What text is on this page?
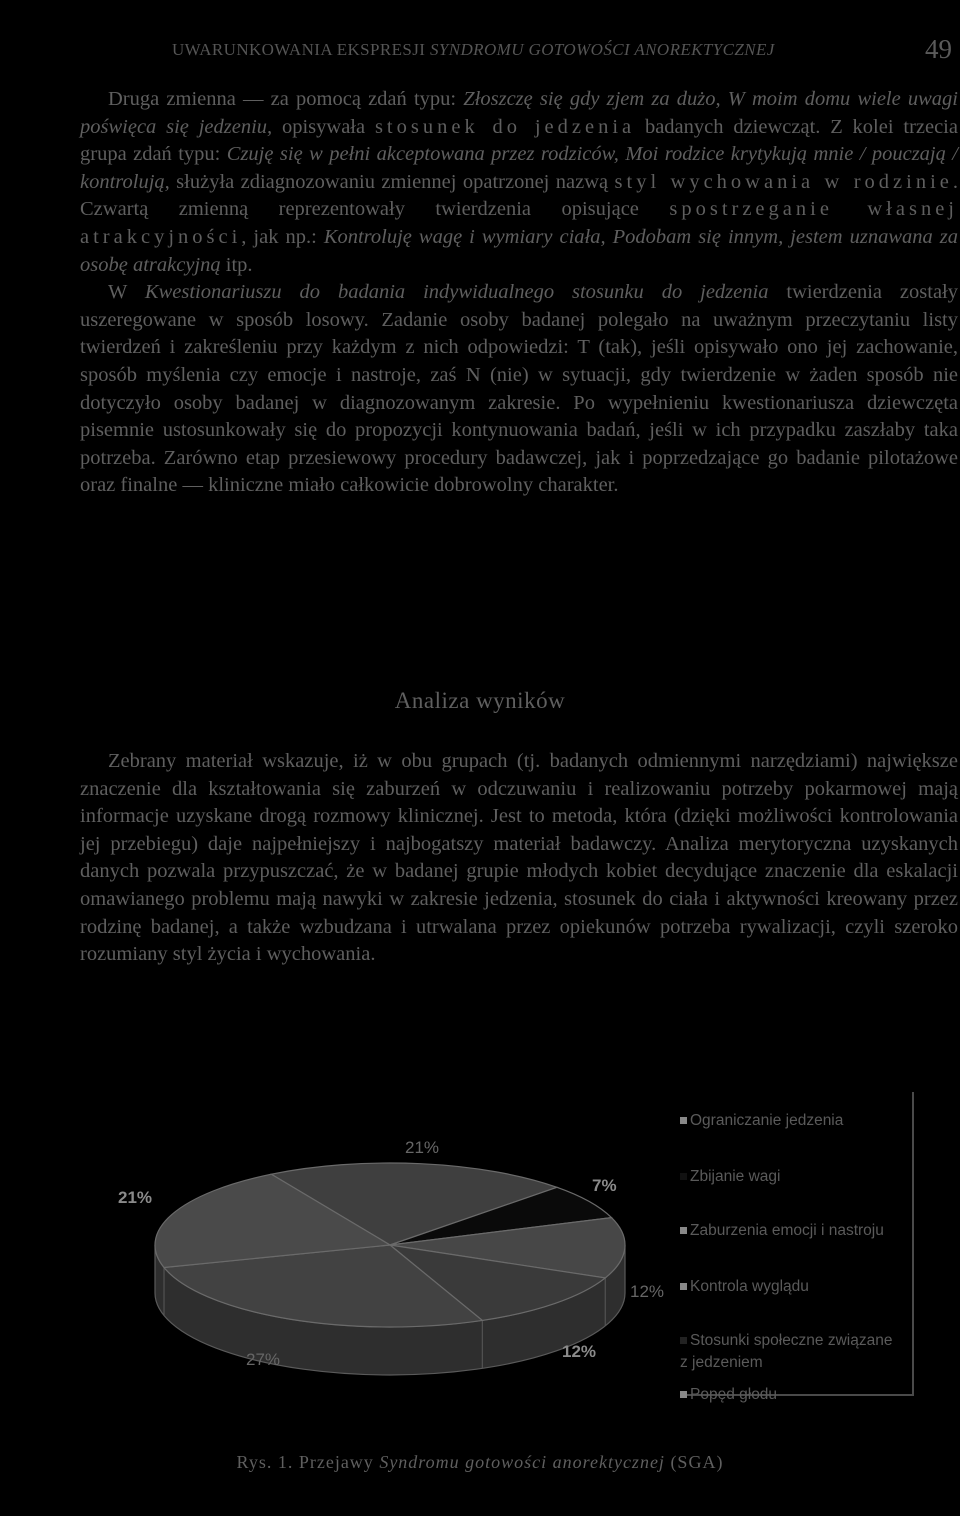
UWARUNKOWANIA EKSPRESJI SYNDROMU GOTOWOŚCI ANOREKTYCZNEJ	49

Druga zmienna — za pomocą zdań typu: Złoszczę się gdy zjem za dużo, W moim domu wiele uwagi poświęca się jedzeniu, opisywała stosunek do jedzenia badanych dziewcząt. Z kolei trzecia grupa zdań typu: Czuję się w pełni akceptowana przez rodziców, Moi rodzice krytykują mnie / pouczają / kontrolują, służyła zdiagnozowaniu zmiennej opatrzonej nazwą styl wychowania w rodzinie. Czwartą zmienną reprezentowały twierdzenia opisujące spostrzeganie własnej atrakcyjności, jak np.: Kontroluję wagę i wymiary ciała, Podobam się innym, jestem uznawana za osobę atrakcyjną itp.

W Kwestionariuszu do badania indywidualnego stosunku do jedzenia twierdzenia zostały uszeregowane w sposób losowy. Zadanie osoby badanej polegało na uważnym przeczytaniu listy twierdzeń i zakreśleniu przy każdym z nich odpowiedzi: T (tak), jeśli opisywało ono jej zachowanie, sposób myślenia czy emocje i nastroje, zaś N (nie) w sytuacji, gdy twierdzenie w żaden sposób nie dotyczyło osoby badanej w diagnozowanym zakresie. Po wypełnieniu kwestionariusza dziewczęta pisemnie ustosunkowały się do propozycji kontynuowania badań, jeśli w ich przypadku zaszłaby taka potrzeba. Zarówno etap przesiewowy procedury badawczej, jak i poprzedzające go badanie pilotażowe oraz finalne — kliniczne miało całkowicie dobrowolny charakter.

Analiza wyników

Zebrany materiał wskazuje, iż w obu grupach (tj. badanych odmiennymi narzędziami) największe znaczenie dla kształtowania się zaburzeń w odczuwaniu i realizowaniu potrzeby pokarmowej mają informacje uzyskane drogą rozmowy klinicznej. Jest to metoda, która (dzięki możliwości kontrolowania jej przebiegu) daje najpełniejszy i najbogatszy materiał badawczy. Analiza merytoryczna uzyskanych danych pozwala przypuszczać, że w badanej grupie młodych kobiet decydujące znaczenie dla eskalacji omawianego problemu mają nawyki w zakresie jedzenia, stosunek do ciała i aktywności kreowany przez rodzinę badanej, a także wzbudzana i utrwalana przez opiekunów potrzeba rywalizacji, czyli szeroko rozumiany styl życia i wychowania.

21%
7%
12%
12%
27%
21%
Ograniczanie jedzenia
Zbijanie wagi
Zaburzenia emocji i nastroju
Kontrola wyglądu
Stosunki społeczne związane z jedzeniem
Popęd głodu
Rys. 1. Przejawy Syndromu gotowości anorektycznej (SGA)
